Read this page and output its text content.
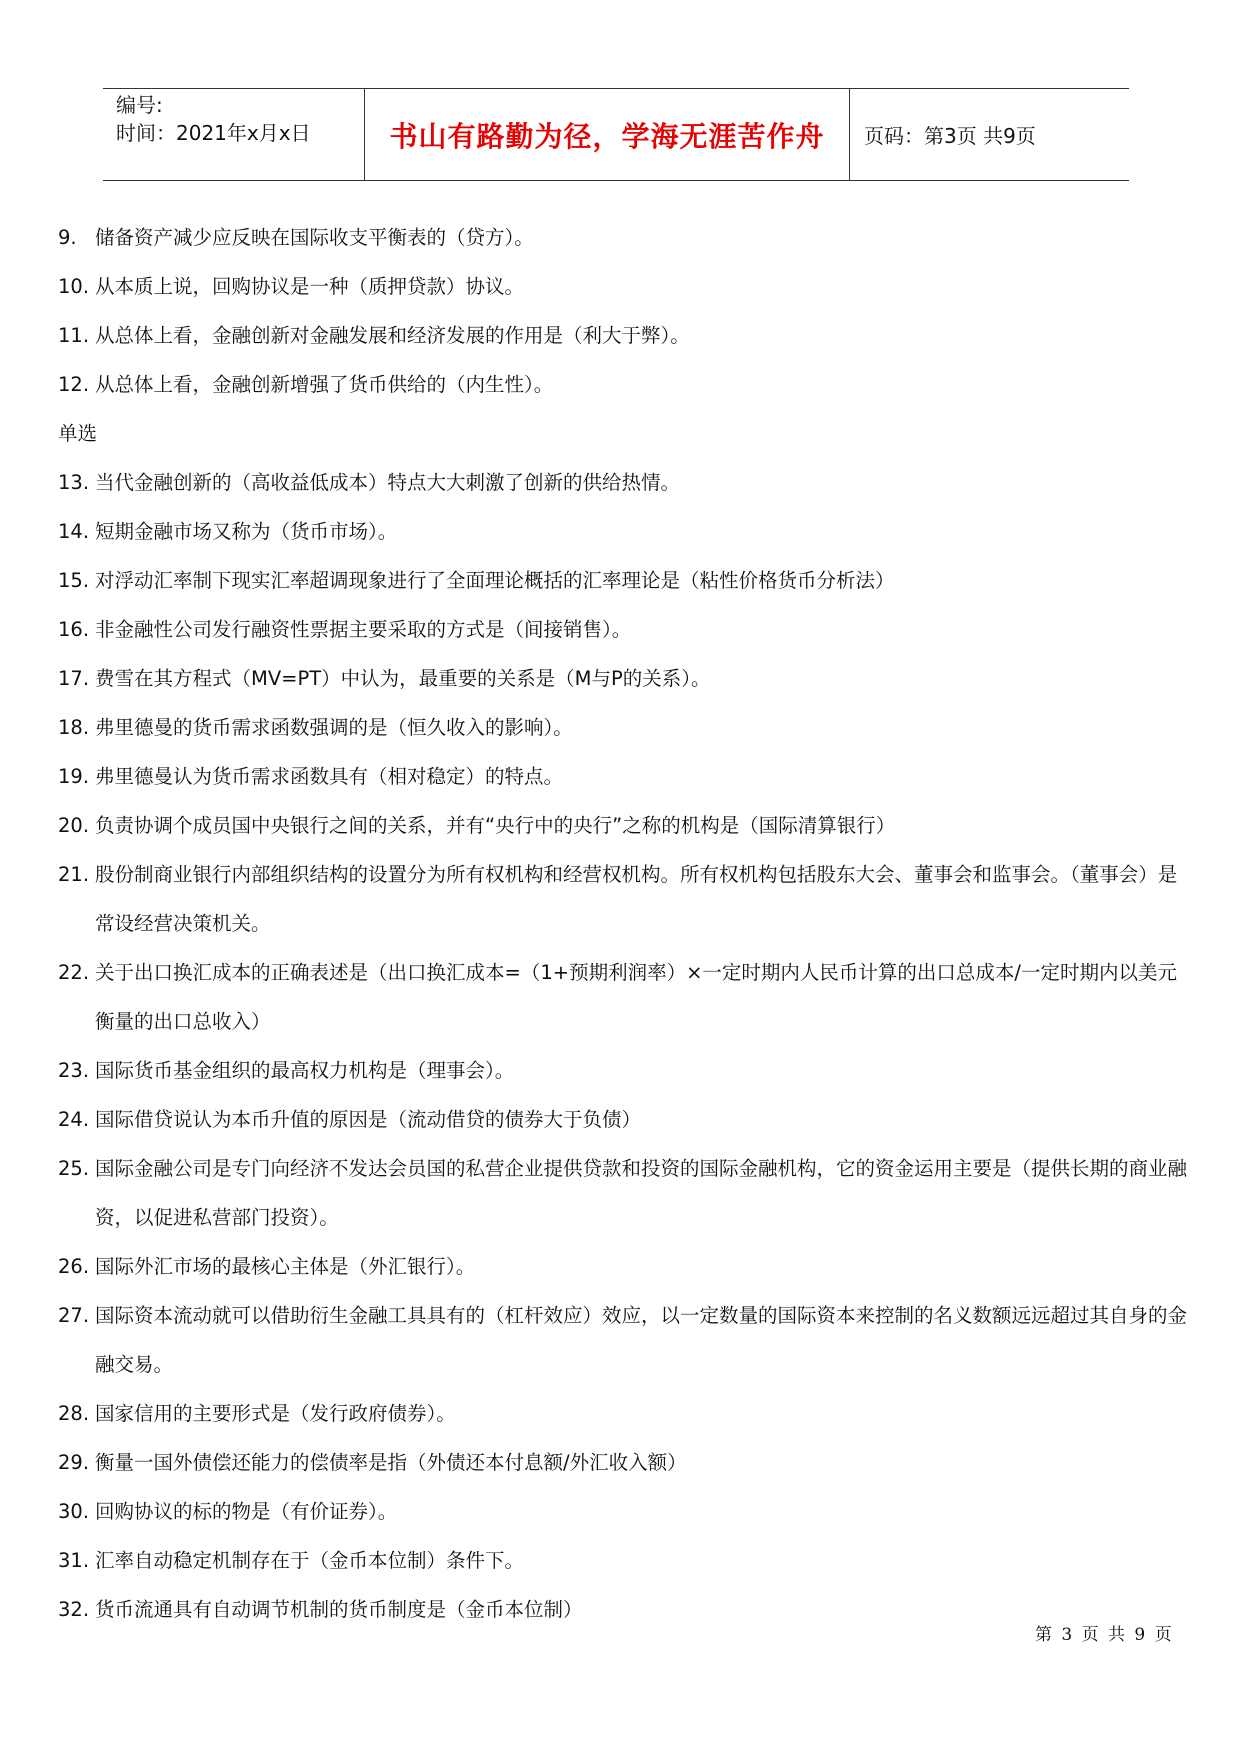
编号:
时间：2021年x月x日	书山有路勤为径，学海无涯苦作舟 页码：第3页 共9页
9. 储备资产减少应反映在国际收支平衡表的（贷方）。
10. 从本质上说，回购协议是一种（质押贷款）协议。
11. 从总体上看，金融创新对金融发展和经济发展的作用是（利大于弊）。
12. 从总体上看，金融创新增强了货币供给的（内生性）。
单选
13. 当代金融创新的（高收益低成本）特点大大刺激了创新的供给热情。
14. 短期金融市场又称为（货币市场）。
15. 对浮动汇率制下现实汇率超调现象进行了全面理论概括的汇率理论是（粘性价格货币分析法）
16. 非金融性公司发行融资性票据主要采取的方式是（间接销售）。
17. 费雪在其方程式（MV=PT）中认为，最重要的关系是（M与P的关系）。
18. 弗里德曼的货币需求函数强调的是（恒久收入的影响）。
19. 弗里德曼认为货币需求函数具有（相对稳定）的特点。
20. 负责协调个成员国中央银行之间的关系，并有“央行中的央行”之称的机构是（国际清算银行）
21. 股份制商业银行内部组织结构的设置分为所有权机构和经营权机构。所有权机构包括股东大会、董事会和监事会。（董事会）是常设经营决策机关。
22. 关于出口换汇成本的正确表述是（出口换汇成本=（1+预期利润率）×一定时期内人民币计算的出口总成本/一定时期内以美元衡量的出口总收入）
23. 国际货币基金组织的最高权力机构是（理事会）。
24. 国际借贷说认为本币升值的原因是（流动借贷的债券大于负债）
25. 国际金融公司是专门向经济不发达会员国的私营企业提供贷款和投资的国际金融机构，它的资金运用主要是（提供长期的商业融资，以促进私营部门投资）。
26. 国际外汇市场的最核心主体是（外汇银行）。
27. 国际资本流动就可以借助衍生金融工具具有的（杠杆效应）效应，以一定数量的国际资本来控制的名义数额远远超过其自身的金融交易。
28. 国家信用的主要形式是（发行政府债券）。
29. 衡量一国外债偿还能力的偿债率是指（外债还本付息额/外汇收入额）
30. 回购协议的标的物是（有价证券）。
31. 汇率自动稳定机制存在于（金币本位制）条件下。
32. 货币流通具有自动调节机制的货币制度是（金币本位制）
第 3 页 共 9 页
